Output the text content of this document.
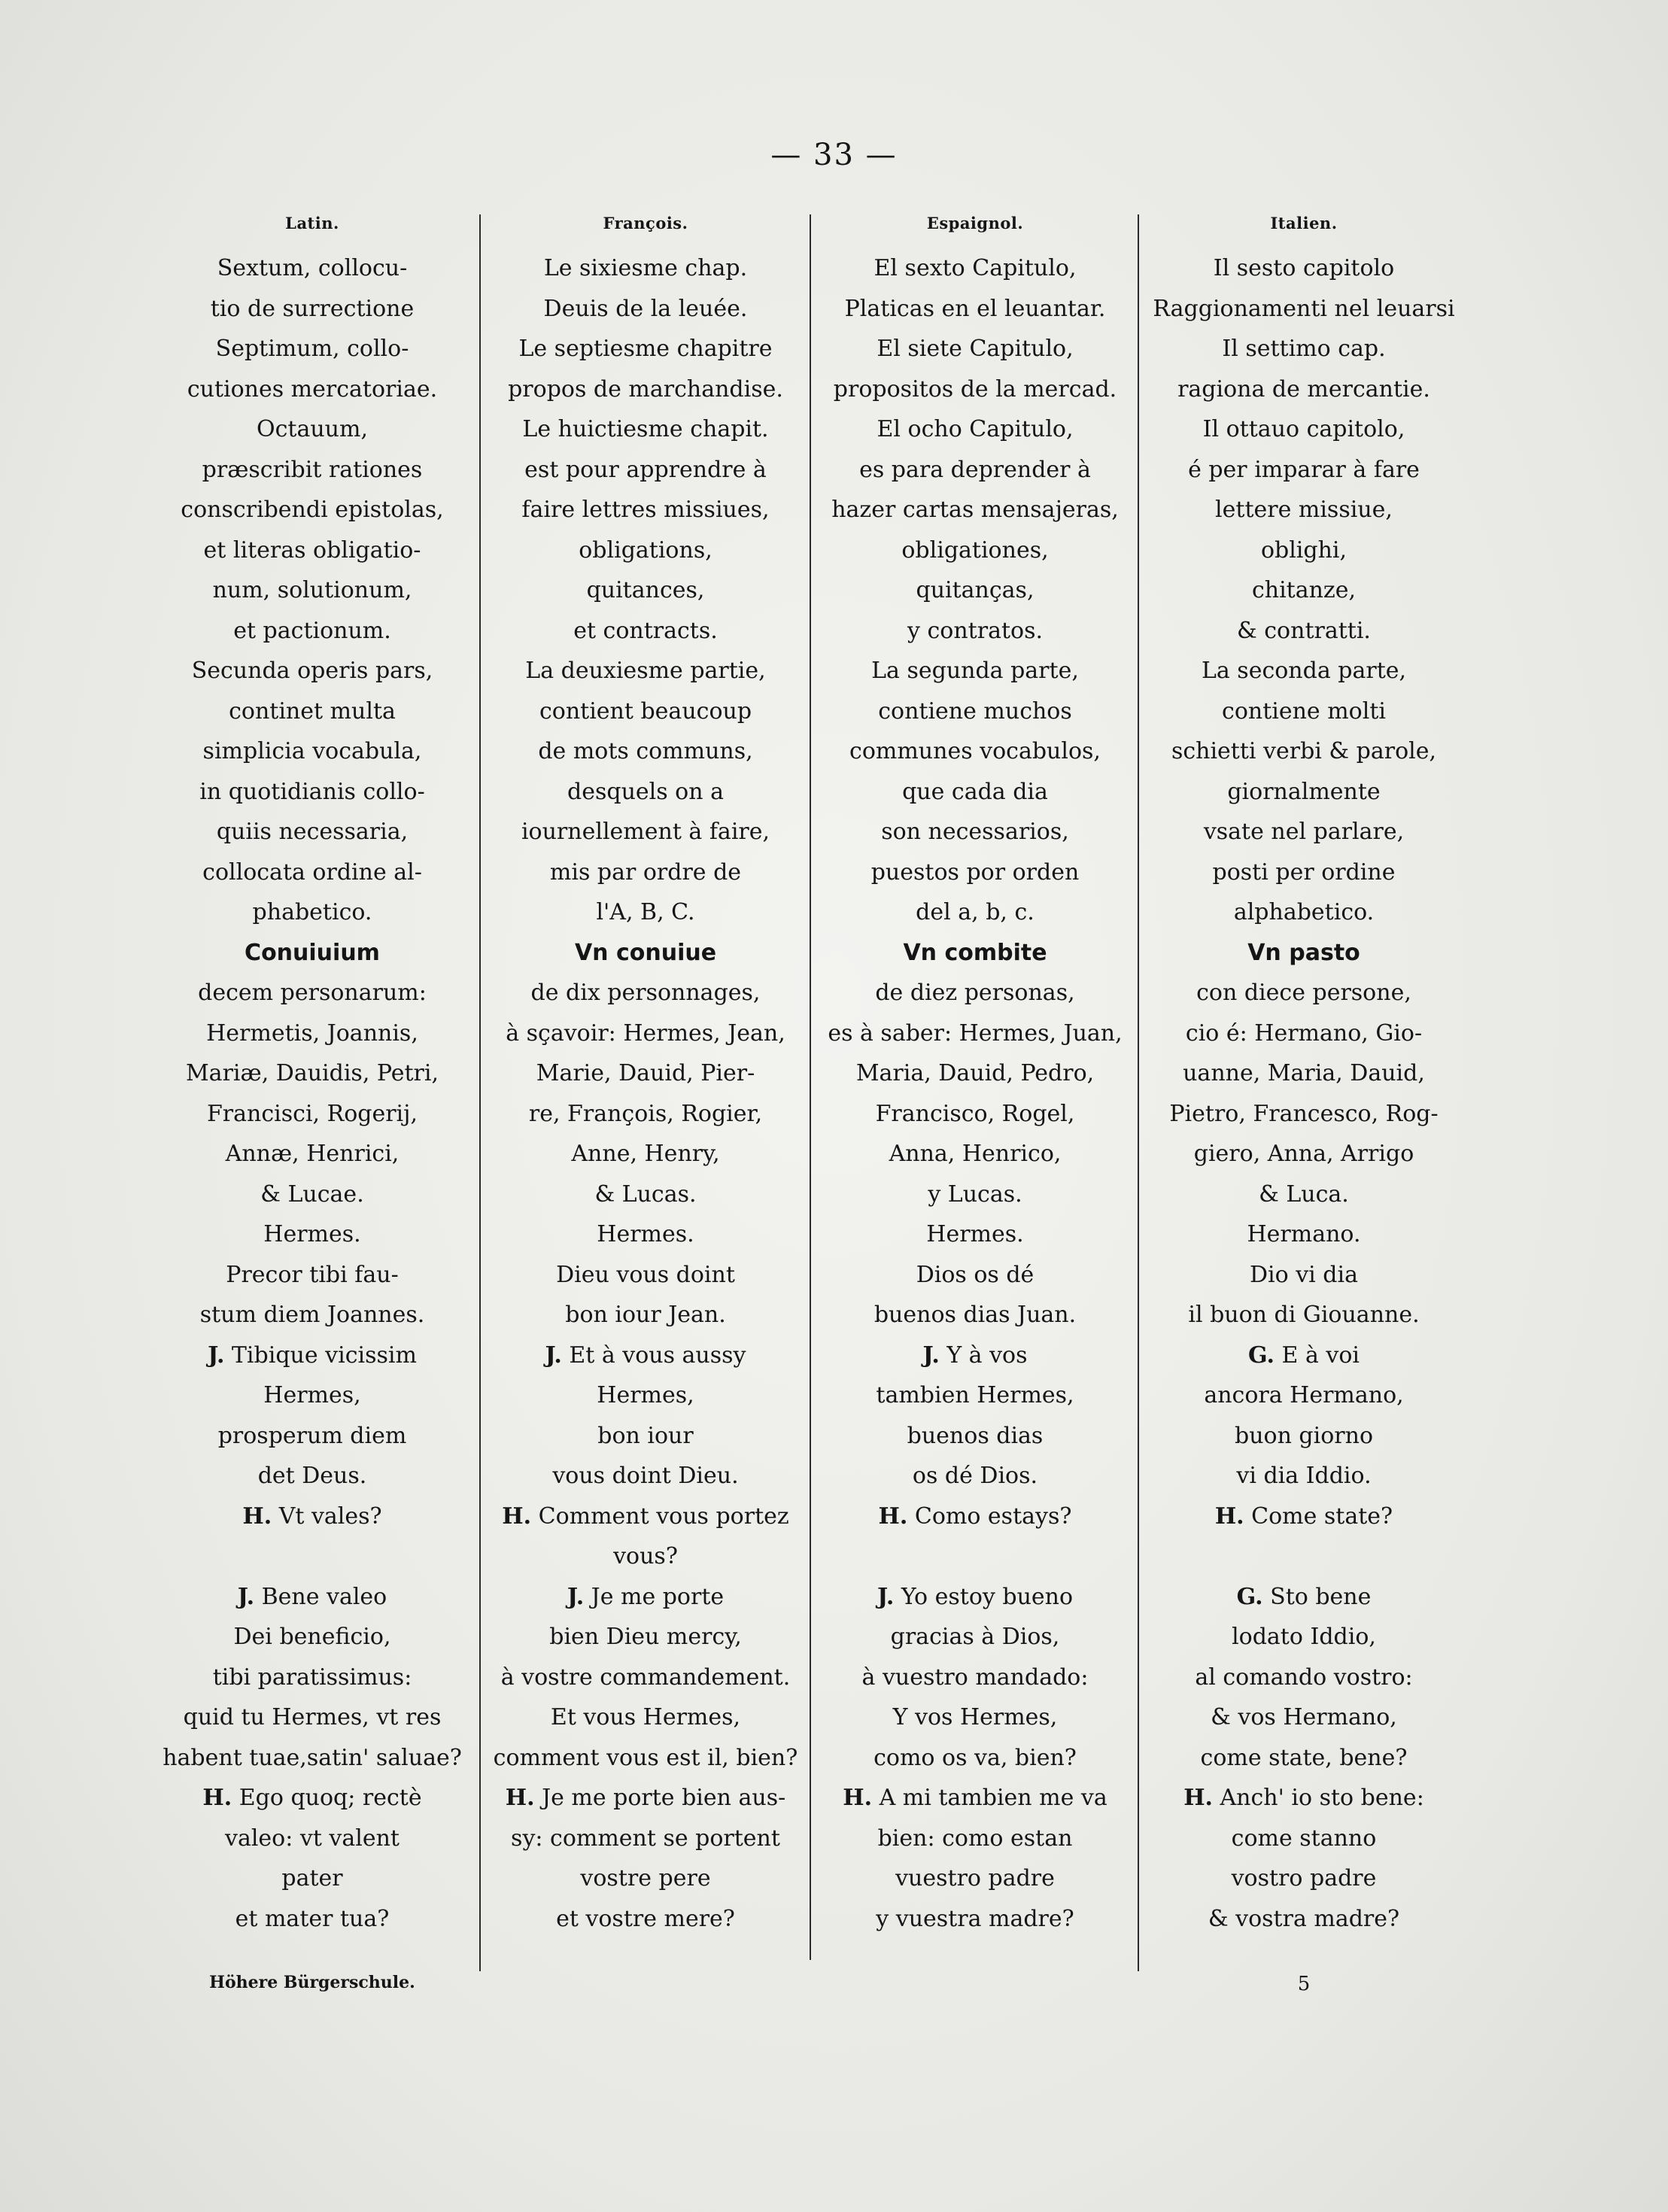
— 33 —
Latin.
Sextum, collocu-
tio de surrectione
Septimum, collo-
cutiones mercatoriae.
Octauum,
præscribit rationes
conscribendi epistolas,
et literas obligatio-
num, solutionum,
et pactionum.
Secunda operis pars,
continet multa
simplicia vocabula,
in quotidianis collo-
quiis necessaria,
collocata ordine al-
phabetico.
Conuiuium
decem personarum:
Hermetis, Joannis,
Mariæ, Dauidis, Petri,
Francisci, Rogerij,
Annæ, Henrici,
& Lucae.
Hermes.
Precor tibi fau-
stum diem Joannes.
J. Tibique vicissim
Hermes,
prosperum diem
det Deus.
H. Vt vales?
J. Bene valeo
Dei beneficio,
tibi paratissimus:
quid tu Hermes, vt res
habent tuae,satin' saluae?
H. Ego quoq; rectè
valeo: vt valent
pater
et mater tua?
François.
Le sixiesme chap.
Deuis de la leuée.
Le septiesme chapitre
propos de marchandise.
Le huictiesme chapit.
est pour apprendre à
faire lettres missiues,
obligations,
quitances,
et contracts.
La deuxiesme partie,
contient beaucoup
de mots communs,
desquels on a
iournellement à faire,
mis par ordre de
l'A, B, C.
Vn conuiue
de dix personnages,
à sçavoir: Hermes, Jean,
Marie, Dauid, Pier-
re, François, Rogier,
Anne, Henry,
& Lucas.
Hermes.
Dieu vous doint
bon iour Jean.
J. Et à vous aussy
Hermes,
bon iour
vous doint Dieu.
H. Comment vous portez
vous?
J. Je me porte
bien Dieu mercy,
à vostre commandement.
Et vous Hermes,
comment vous est il, bien?
H. Je me porte bien aus-
sy: comment se portent
vostre pere
et vostre mere?
Espaignol.
El sexto Capitulo,
Platicas en el leuantar.
El siete Capitulo,
propositos de la mercad.
El ocho Capitulo,
es para deprender à
hazer cartas mensajeras,
obligationes,
quitanças,
y contratos.
La segunda parte,
contiene muchos
communes vocabulos,
que cada dia
son necessarios,
puestos por orden
del a, b, c.
Vn combite
de diez personas,
es à saber: Hermes, Juan,
Maria, Dauid, Pedro,
Francisco, Rogel,
Anna, Henrico,
y Lucas.
Hermes.
Dios os dé
buenos dias Juan.
J. Y à vos
tambien Hermes,
buenos dias
os dé Dios.
H. Como estays?
J. Yo estoy bueno
gracias à Dios,
à vuestro mandado:
Y vos Hermes,
como os va, bien?
H. A mi tambien me va
bien: como estan
vuestro padre
y vuestra madre?
Italien.
Il sesto capitolo
Raggionamenti nel leuarsi
Il settimo cap.
ragiona de mercantie.
Il ottauo capitolo,
é per imparar à fare
lettere missiue,
oblighi,
chitanze,
& contratti.
La seconda parte,
contiene molti
schietti verbi & parole,
giornalmente
vsate nel parlare,
posti per ordine
alphabetico.
Vn pasto
con diece persone,
cio é: Hermano, Gio-
uanne, Maria, Dauid,
Pietro, Francesco, Rog-
giero, Anna, Arrigo
& Luca.
Hermano.
Dio vi dia
il buon di Giouanne.
G. E à voi
ancora Hermano,
buon giorno
vi dia Iddio.
H. Come state?
G. Sto bene
lodato Iddio,
al comando vostro:
& vos Hermano,
come state, bene?
H. Anch' io sto bene:
come stanno
vostro padre
& vostra madre?
Höhere Bürgerschule.	5
